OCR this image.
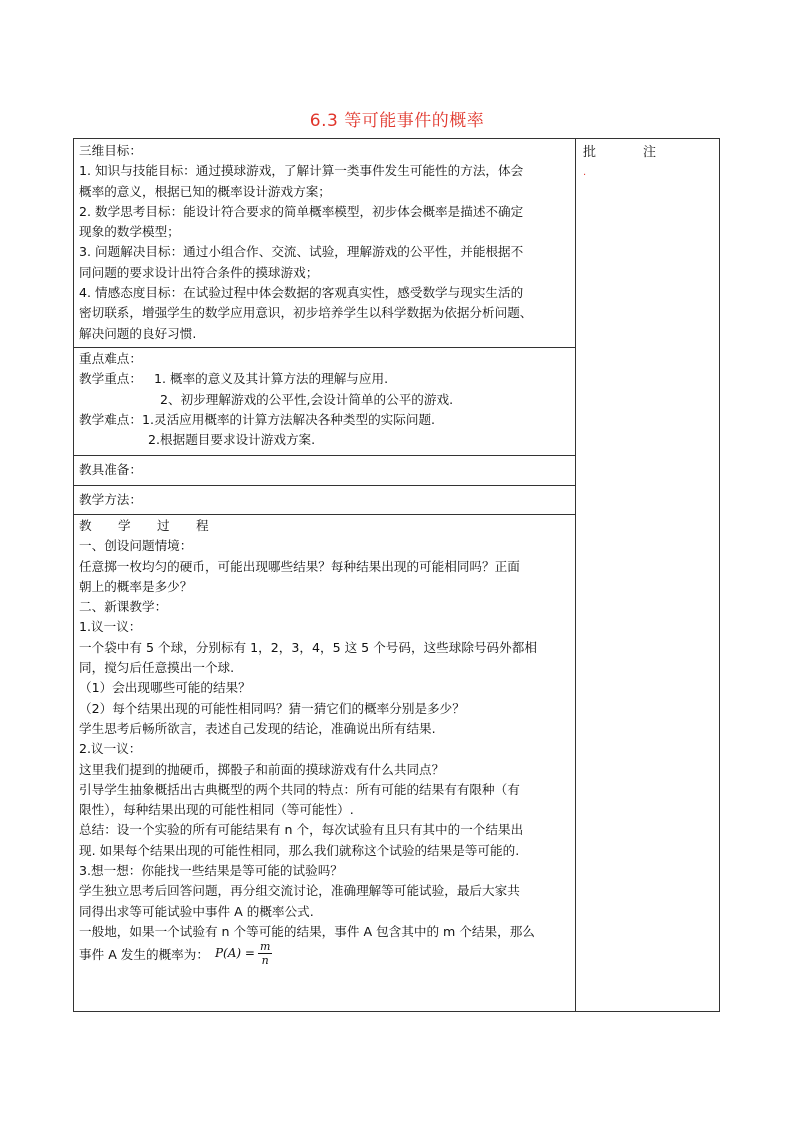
6.3 等可能事件的概率
批　注
.

三维目标：

1. 知识与技能目标：通过摸球游戏，了解计算一类事件发生可能性的方法，体会

概率的意义，根据已知的概率设计游戏方案；

2. 数学思考目标：能设计符合要求的简单概率模型，初步体会概率是描述不确定

现象的数学模型；

3. 问题解决目标：通过小组合作、交流、试验，理解游戏的公平性，并能根据不

同问题的要求设计出符合条件的摸球游戏；

4. 情感态度目标：在试验过程中体会数据的客观真实性，感受数学与现实生活的

密切联系，增强学生的数学应用意识，初步培养学生以科学数据为依据分析问题、

解决问题的良好习惯.

重点难点：

教学重点： 1. 概率的意义及其计算方法的理解与应用.

2、初步理解游戏的公平性,会设计简单的公平的游戏.

教学难点：1.灵活应用概率的计算方法解决各种类型的实际问题.

2.根据题目要求设计游戏方案.

教具准备：

教学方法：

教 学 过 程

一、创设问题情境：

任意掷一枚均匀的硬币，可能出现哪些结果？每种结果出现的可能相同吗？正面

朝上的概率是多少？

二、新课教学：

1.议一议：

一个袋中有 5 个球，分别标有 1，2，3，4，5 这 5 个号码，这些球除号码外都相

同，搅匀后任意摸出一个球.

（1）会出现哪些可能的结果？

（2）每个结果出现的可能性相同吗？猜一猜它们的概率分别是多少？

学生思考后畅所欲言，表述自己发现的结论，准确说出所有结果.

2.议一议：

这里我们提到的抛硬币，掷骰子和前面的摸球游戏有什么共同点？

引导学生抽象概括出古典概型的两个共同的特点：所有可能的结果有有限种（有

限性），每种结果出现的可能性相同（等可能性）.

总结：设一个实验的所有可能结果有 n 个，每次试验有且只有其中的一个结果出

现. 如果每个结果出现的可能性相同，那么我们就称这个试验的结果是等可能的.

3.想一想：你能找一些结果是等可能的试验吗？

学生独立思考后回答问题，再分组交流讨论，准确理解等可能试验，最后大家共

同得出求等可能试验中事件 A 的概率公式.

一般地，如果一个试验有 n 个等可能的结果，事件 A 包含其中的 m 个结果，那么

事件 A 发生的概率为： $P(A) = \frac{m}{n}$
